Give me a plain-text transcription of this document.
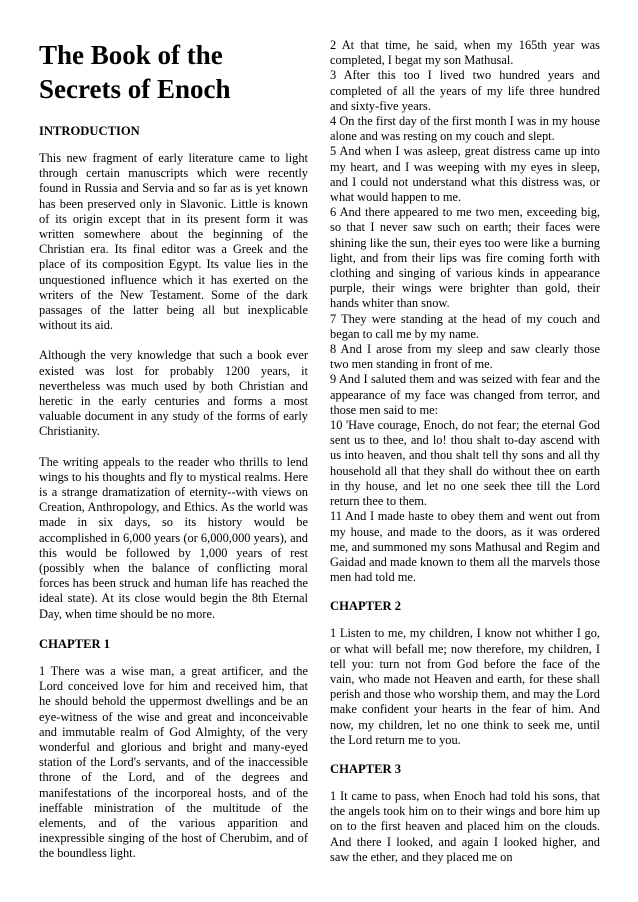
The Book of the Secrets of Enoch
INTRODUCTION

This new fragment of early literature came to light through certain manuscripts which were recently found in Russia and Servia and so far as is yet known has been preserved only in Slavonic. Little is known of its origin except that in its present form it was written somewhere about the beginning of the Christian era. Its final editor was a Greek and the place of its composition Egypt. Its value lies in the unquestioned influence which it has exerted on the writers of the New Testament. Some of the dark passages of the latter being all but inexplicable without its aid.

Although the very knowledge that such a book ever existed was lost for probably 1200 years, it nevertheless was much used by both Christian and heretic in the early centuries and forms a most valuable document in any study of the forms of early Christianity.

The writing appeals to the reader who thrills to lend wings to his thoughts and fly to mystical realms. Here is a strange dramatization of eternity--with views on Creation, Anthropology, and Ethics. As the world was made in six days, so its history would be accomplished in 6,000 years (or 6,000,000 years), and this would be followed by 1,000 years of rest (possibly when the balance of conflicting moral forces has been struck and human life has reached the ideal state). At its close would begin the 8th Eternal Day, when time should be no more.

CHAPTER 1

1 There was a wise man, a great artificer, and the Lord conceived love for him and received him, that he should behold the uppermost dwellings and be an eye-witness of the wise and great and inconceivable and immutable realm of God Almighty, of the very wonderful and glorious and bright and many-eyed station of the Lord's servants, and of the inaccessible throne of the Lord, and of the degrees and manifestations of the incorporeal hosts, and of the ineffable ministration of the multitude of the elements, and of the various apparition and inexpressible singing of the host of Cherubim, and of the boundless light.

2 At that time, he said, when my 165th year was completed, I begat my son Mathusal.

3 After this too I lived two hundred years and completed of all the years of my life three hundred and sixty-five years.

4 On the first day of the first month I was in my house alone and was resting on my couch and slept.

5 And when I was asleep, great distress came up into my heart, and I was weeping with my eyes in sleep, and I could not understand what this distress was, or what would happen to me.

6 And there appeared to me two men, exceeding big, so that I never saw such on earth; their faces were shining like the sun, their eyes too were like a burning light, and from their lips was fire coming forth with clothing and singing of various kinds in appearance purple, their wings were brighter than gold, their hands whiter than snow.

7 They were standing at the head of my couch and began to call me by my name.

8 And I arose from my sleep and saw clearly those two men standing in front of me.

9 And I saluted them and was seized with fear and the appearance of my face was changed from terror, and those men said to me:

10 'Have courage, Enoch, do not fear; the eternal God sent us to thee, and lo! thou shalt to-day ascend with us into heaven, and thou shalt tell thy sons and all thy household all that they shall do without thee on earth in thy house, and let no one seek thee till the Lord return thee to them.

11 And I made haste to obey them and went out from my house, and made to the doors, as it was ordered me, and summoned my sons Mathusal and Regim and Gaidad and made known to them all the marvels those men had told me.

CHAPTER 2

1 Listen to me, my children, I know not whither I go, or what will befall me; now therefore, my children, I tell you: turn not from God before the face of the vain, who made not Heaven and earth, for these shall perish and those who worship them, and may the Lord make confident your hearts in the fear of him. And now, my children, let no one think to seek me, until the Lord return me to you.

CHAPTER 3

1 It came to pass, when Enoch had told his sons, that the angels took him on to their wings and bore him up on to the first heaven and placed him on the clouds. And there I looked, and again I looked higher, and saw the ether, and they placed me on
